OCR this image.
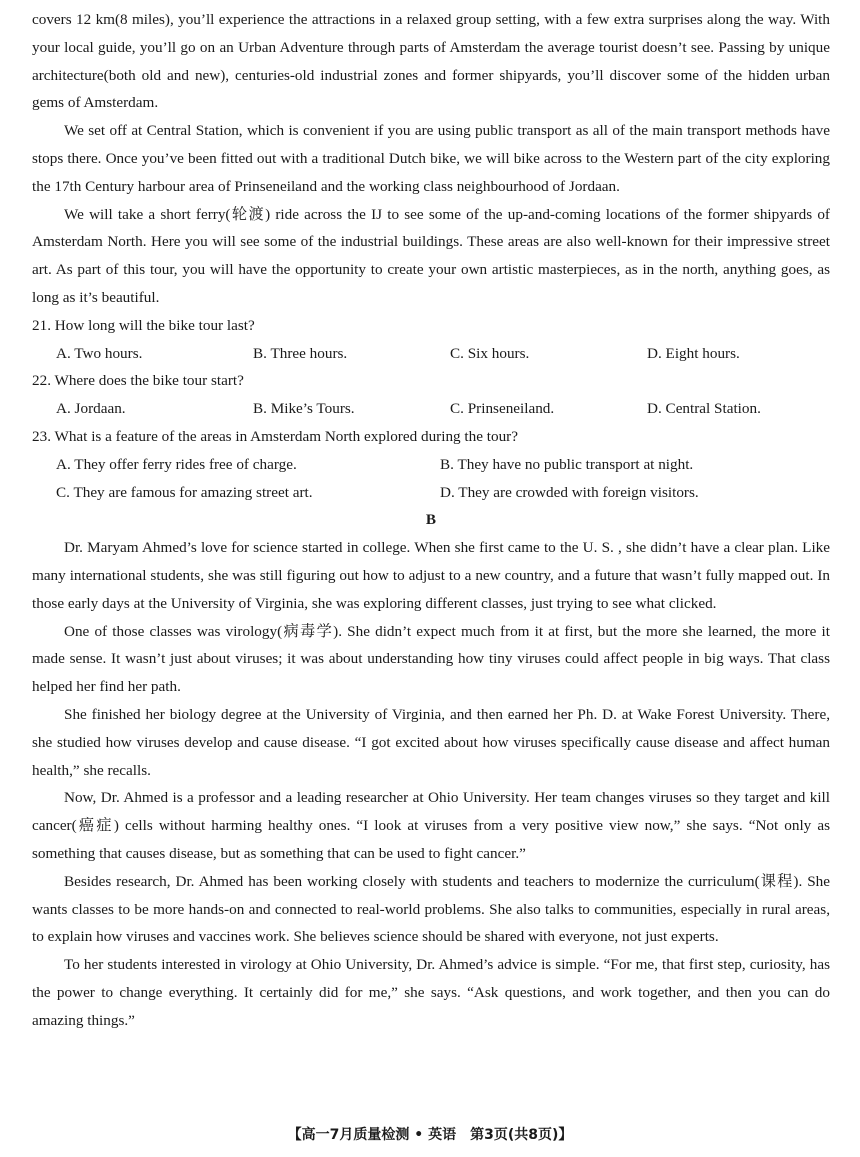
covers 12 km(8 miles), you’ll experience the attractions in a relaxed group setting, with a few extra surprises along the way. With your local guide, you’ll go on an Urban Adventure through parts of Amsterdam the average tourist doesn’t see. Passing by unique architecture(both old and new), centuries-old industrial zones and former shipyards, you’ll discover some of the hidden urban gems of Amsterdam.

We set off at Central Station, which is convenient if you are using public transport as all of the main transport methods have stops there. Once you’ve been fitted out with a traditional Dutch bike, we will bike across to the Western part of the city exploring the 17th Century harbour area of Prinseneiland and the working class neighbourhood of Jordaan.

We will take a short ferry(轮渡) ride across the IJ to see some of the up-and-coming locations of the former shipyards of Amsterdam North. Here you will see some of the industrial buildings. These areas are also well-known for their impressive street art. As part of this tour, you will have the opportunity to create your own artistic masterpieces, as in the north, anything goes, as long as it’s beautiful.

21. How long will the bike tour last?

A. Two hours.	B. Three hours.	C. Six hours.	D. Eight hours.

22. Where does the bike tour start?

A. Jordaan.	B. Mike’s Tours.	C. Prinseneiland.	D. Central Station.

23. What is a feature of the areas in Amsterdam North explored during the tour?

A. They offer ferry rides free of charge.	B. They have no public transport at night.
C. They are famous for amazing street art.	D. They are crowded with foreign visitors.

B

Dr. Maryam Ahmed’s love for science started in college. When she first came to the U. S. , she didn’t have a clear plan. Like many international students, she was still figuring out how to adjust to a new country, and a future that wasn’t fully mapped out. In those early days at the University of Virginia, she was exploring different classes, just trying to see what clicked.

One of those classes was virology(病毒学). She didn’t expect much from it at first, but the more she learned, the more it made sense. It wasn’t just about viruses; it was about understanding how tiny viruses could affect people in big ways. That class helped her find her path.

She finished her biology degree at the University of Virginia, and then earned her Ph. D. at Wake Forest University. There, she studied how viruses develop and cause disease. “I got excited about how viruses specifically cause disease and affect human health,” she recalls.

Now, Dr. Ahmed is a professor and a leading researcher at Ohio University. Her team changes viruses so they target and kill cancer(癌症) cells without harming healthy ones. “I look at viruses from a very positive view now,” she says. “Not only as something that causes disease, but as something that can be used to fight cancer.”

Besides research, Dr. Ahmed has been working closely with students and teachers to modernize the curriculum(课程). She wants classes to be more hands-on and connected to real-world problems. She also talks to communities, especially in rural areas, to explain how viruses and vaccines work. She believes science should be shared with everyone, not just experts.

To her students interested in virology at Ohio University, Dr. Ahmed’s advice is simple. “For me, that first step, curiosity, has the power to change everything. It certainly did for me,” she says. “Ask questions, and work together, and then you can do amazing things.”

【高一7月质量检测 • 英语　第3页(共8页)】
